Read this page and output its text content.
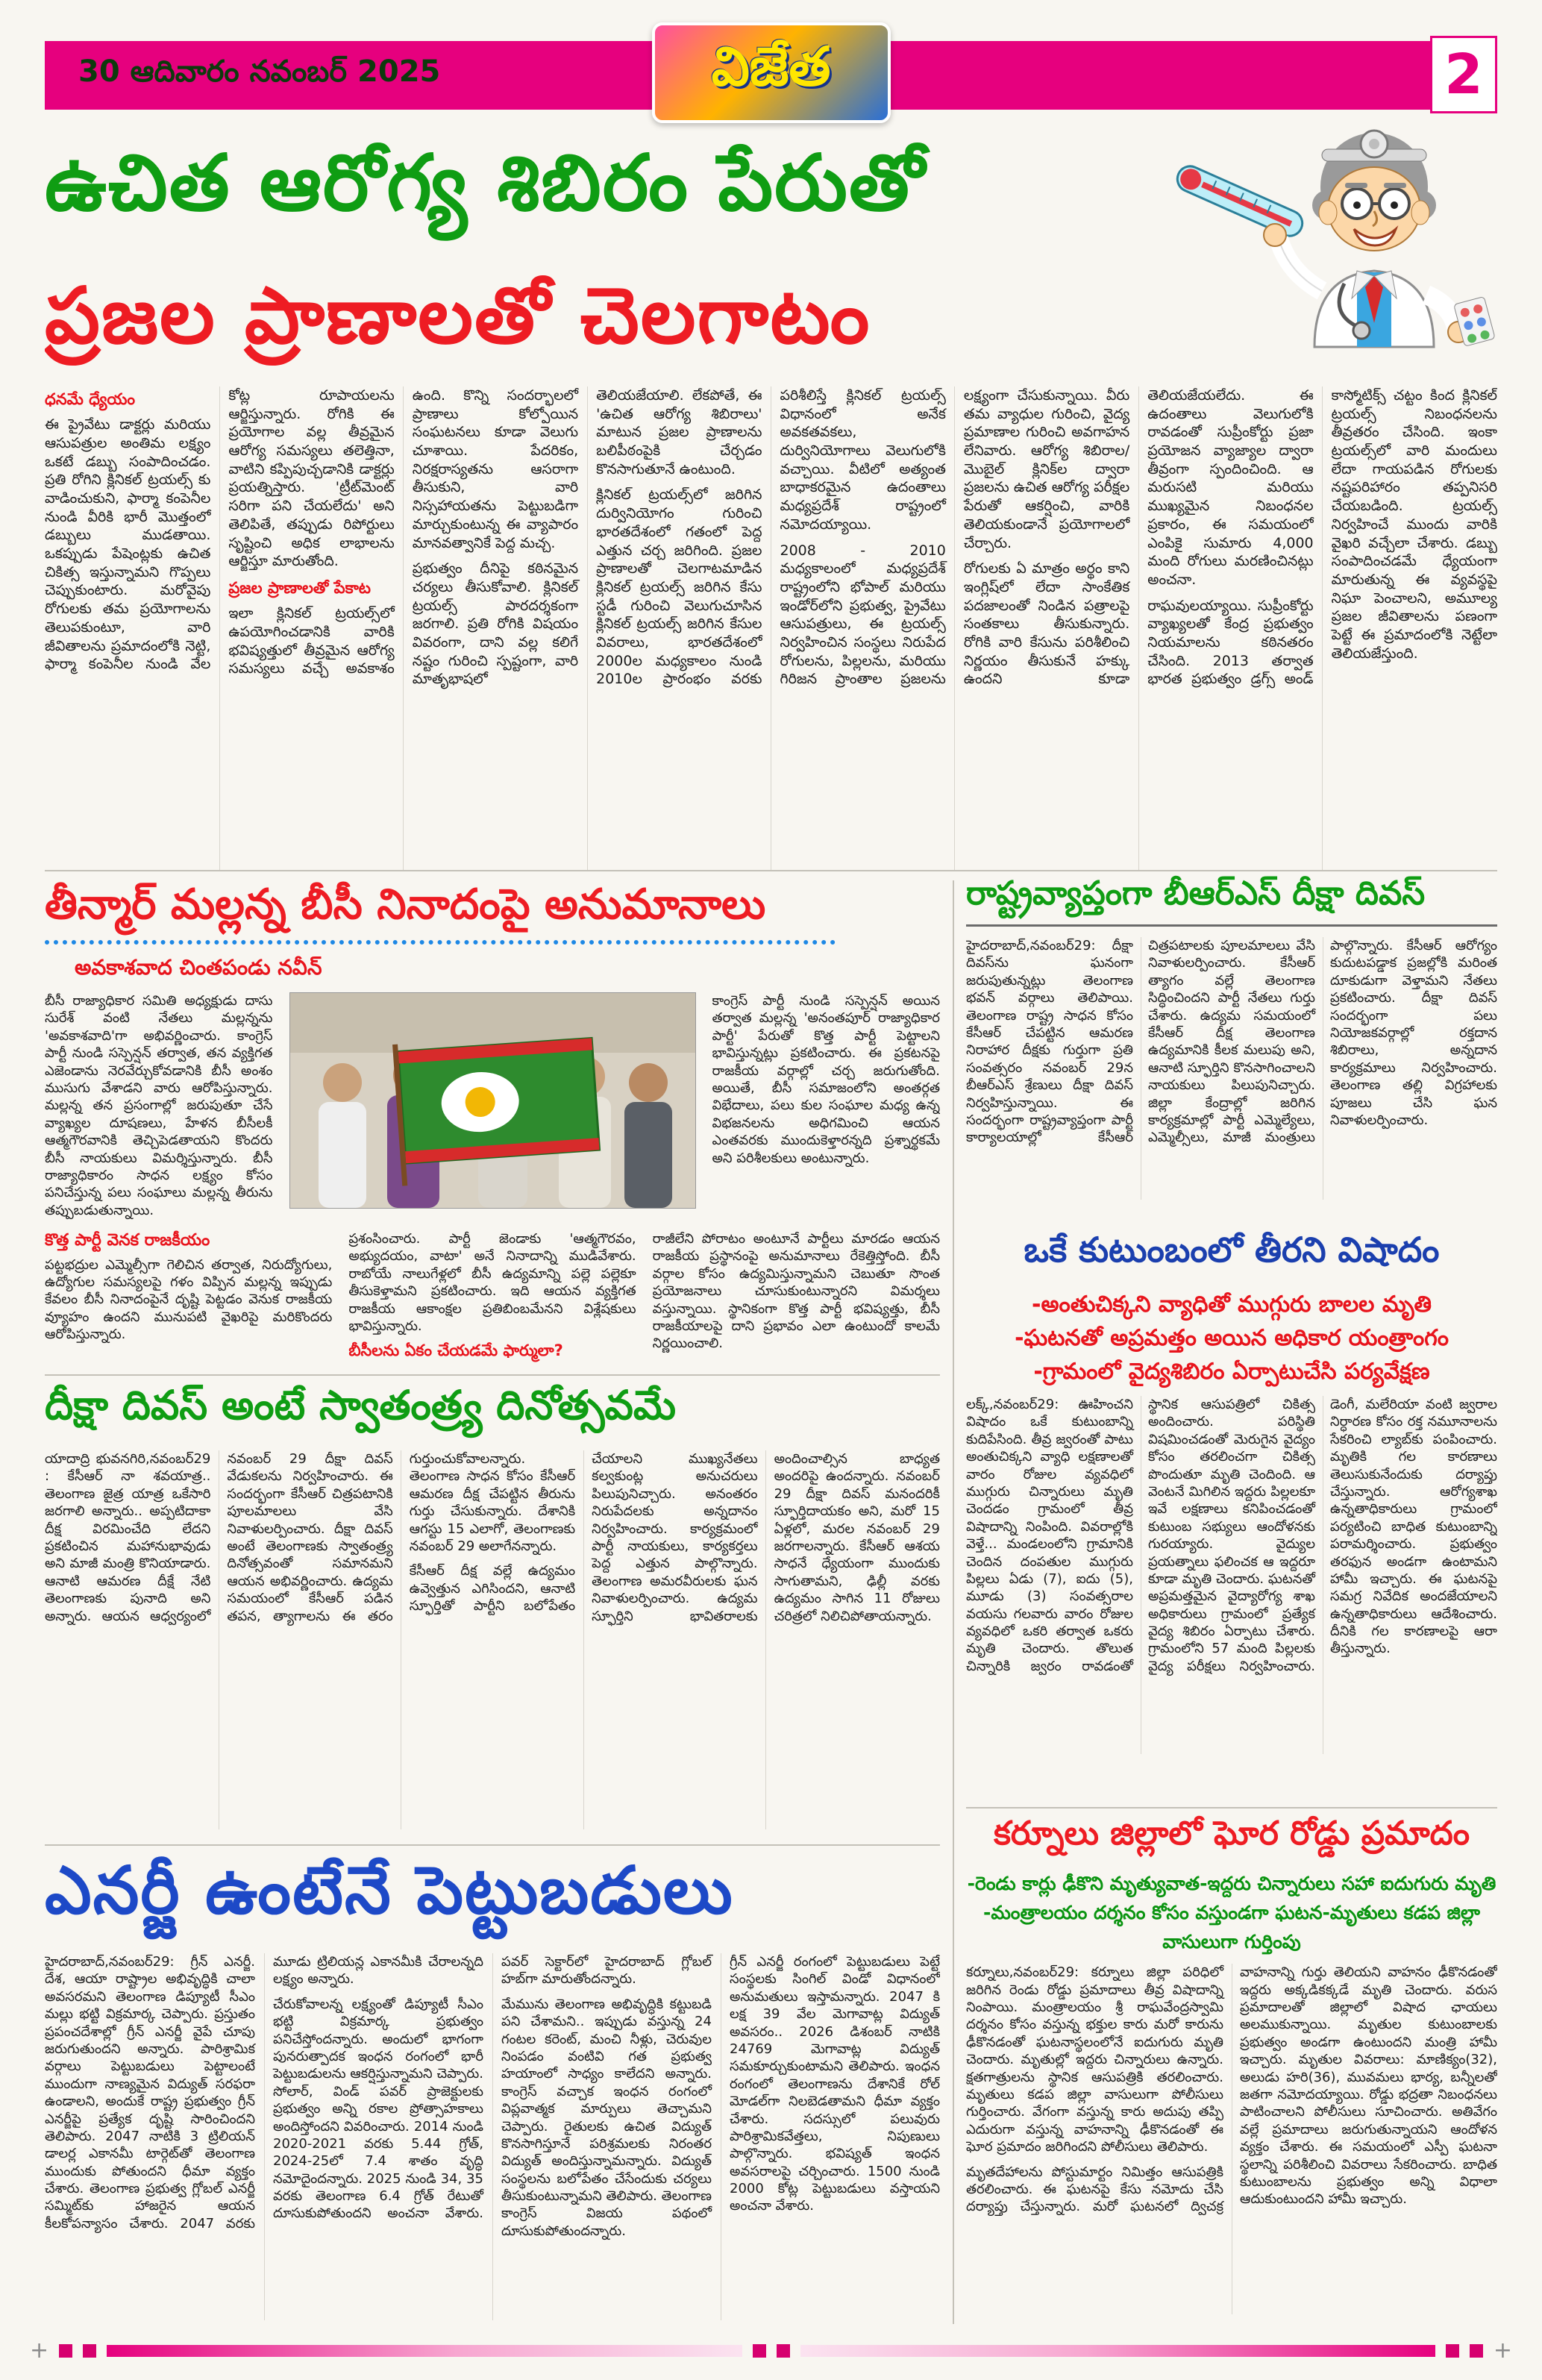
30 ఆదివారం నవంబర్ 2025	విజేత	2
ఉచిత ఆరోగ్య శిబిరం పేరుతో
ప్రజల ప్రాణాలతో చెలగాటం
ధనమే ధ్యేయం

ఈ ప్రైవేటు డాక్టర్లు మరియు ఆసుపత్రుల అంతిమ లక్ష్యం ఒకటే డబ్బు సంపాదించడం. ప్రతి రోగిని క్లినికల్ ట్రయల్స్ కు వాడించుకుని, ఫార్మా కంపెనీల నుండి వీరికి భారీ మొత్తంలో డబ్బులు ముడతాయి. ఒకప్పుడు పేషెంట్లకు ఉచిత చికిత్స ఇస్తున్నామని గొప్పలు చెప్పుకుంటారు. మరోవైపు రోగులకు తమ ప్రయోగాలను తెలుపకుంటూ, వారి జీవితాలను ప్రమాదంలోకి నెట్టి, ఫార్మా కంపెనీల నుండి వేల కోట్ల రూపాయలను ఆర్జిస్తున్నారు. రోగికి ఈ ప్రయోగాల వల్ల తీవ్రమైన ఆరోగ్య సమస్యలు తలెత్తినా, వాటిని కప్పిపుచ్చడానికి డాక్టర్లు ప్రయత్నిస్తారు. 'ట్రీట్‌మెంట్ సరిగా పని చేయలేదు' అని తెలిపితే, తప్పుడు రిపోర్టులు సృష్టించి అధిక లాభాలను ఆర్జిస్తూ మారుతోంది.

ప్రజల ప్రాణాలతో పేకాట

ఇలా క్లినికల్ ట్రయల్స్‌లో ఉపయోగించడానికి వారికి భవిష్యత్తులో తీవ్రమైన ఆరోగ్య సమస్యలు వచ్చే అవకాశం ఉంది. కొన్ని సందర్భాలలో ప్రాణాలు కోల్పోయిన సంఘటనలు కూడా వెలుగు చూశాయి. పేదరికం, నిరక్షరాస్యతను ఆసరాగా తీసుకుని, వారి నిస్సహాయతను పెట్టుబడిగా మార్చుకుంటున్న ఈ వ్యాపారం మానవత్వానికే పెద్ద మచ్చ.

ప్రభుత్వం దీనిపై కఠినమైన చర్యలు తీసుకోవాలి. క్లినికల్ ట్రయల్స్ పారదర్శకంగా జరగాలి. ప్రతి రోగికి విషయం వివరంగా, దాని వల్ల కలిగే నష్టం గురించి స్పష్టంగా, వారి మాతృభాషలో తెలియజేయాలి. లేకపోతే, ఈ 'ఉచిత ఆరోగ్య శిబిరాలు' మాటున ప్రజల ప్రాణాలను బలిపీఠంపైకి చేర్చడం కొనసాగుతూనే ఉంటుంది.

క్లినికల్ ట్రయల్స్‌లో జరిగిన దుర్వినియోగం గురించి భారతదేశంలో గతంలో పెద్ద ఎత్తున చర్చ జరిగింది. ప్రజల ప్రాణాలతో చెలగాటమాడిన క్లినికల్ ట్రయల్స్ జరిగిన కేసు స్టడీ గురించి వెలుగుచూసిన క్లినికల్ ట్రయల్స్ జరిగిన కేసుల వివరాలు, భారతదేశంలో 2000ల మధ్యకాలం నుండి 2010ల ప్రారంభం వరకు పరిశీలిస్తే క్లినికల్ ట్రయల్స్ విధానంలో అనేక అవకతవకలు, దుర్వినియోగాలు వెలుగులోకి వచ్చాయి. వీటిలో అత్యంత బాధాకరమైన ఉదంతాలు మధ్యప్రదేశ్ రాష్ట్రంలో నమోదయ్యాయి.

2008 - 2010 మధ్యకాలంలో మధ్యప్రదేశ్ రాష్ట్రంలోని భోపాల్ మరియు ఇండోర్‌లోని ప్రభుత్వ, ప్రైవేటు ఆసుపత్రులు, ఈ ట్రయల్స్ నిర్వహించిన సంస్థలు నిరుపేద రోగులను, పిల్లలను, మరియు గిరిజన ప్రాంతాల ప్రజలను లక్ష్యంగా చేసుకున్నాయి. వీరు తమ వ్యాధుల గురించి, వైద్య ప్రమాణాల గురించి అవగాహన లేనివారు. ఆరోగ్య శిబిరాల/మొబైల్ క్లినిక్‌ల ద్వారా ప్రజలను ఉచిత ఆరోగ్య పరీక్షల పేరుతో ఆకర్షించి, వారికి తెలియకుండానే ప్రయోగాలలో చేర్చారు.

రోగులకు ఏ మాత్రం అర్థం కాని ఇంగ్లిష్‌లో లేదా సాంకేతిక పదజాలంతో నిండిన పత్రాలపై సంతకాలు తీసుకున్నారు. రోగికి వారి కేసును పరిశీలించి నిర్ణయం తీసుకునే హక్కు ఉందని కూడా తెలియజేయలేదు. ఈ ఉదంతాలు వెలుగులోకి రావడంతో సుప్రీంకోర్టు ప్రజా ప్రయోజన వ్యాజ్యాల ద్వారా తీవ్రంగా స్పందించింది. ఆ మరుసటి మరియు ముఖ్యమైన నిబంధనల ప్రకారం, ఈ సమయంలో ఎంపికై సుమారు 4,000 మంది రోగులు మరణించినట్లు అంచనా.

రాఘవులయ్యాయి. సుప్రీంకోర్టు వ్యాఖ్యలతో కేంద్ర ప్రభుత్వం నియమాలను కఠినతరం చేసింది. 2013 తర్వాత భారత ప్రభుత్వం డ్రగ్స్ అండ్ కాస్మోటిక్స్ చట్టం కింద క్లినికల్ ట్రయల్స్ నిబంధనలను తీవ్రతరం చేసింది. ఇంకా ట్రయల్స్‌లో వారి మందులు లేదా గాయపడిన రోగులకు నష్టపరిహారం తప్పనిసరి చేయబడింది. ట్రయల్స్ నిర్వహించే ముందు వారికి వైఖరి వచ్చేలా చేశారు. డబ్బు సంపాదించడమే ధ్యేయంగా మారుతున్న ఈ వ్యవస్థపై నిఘా పెంచాలని, అమూల్య ప్రజల జీవితాలను పణంగా పెట్టే ఈ ప్రమాదంలోకి నెట్టేలా తెలియజేస్తుంది.

తీన్మార్ మల్లన్న బీసీ నినాదంపై అనుమానాలు
అవకాశవాద చింతపండు నవీన్
బీసీ రాజ్యాధికార సమితి అధ్యక్షుడు దాసు సురేశ్ వంటి నేతలు మల్లన్నను 'అవకాశవాది'గా అభివర్ణించారు. కాంగ్రెస్ పార్టీ నుండి సస్పెన్షన్ తర్వాత, తన వ్యక్తిగత ఎజెండాను నెరవేర్చుకోవడానికి బీసీ అంశం ముసుగు వేశాడని వారు ఆరోపిస్తున్నారు. మల్లన్న తన ప్రసంగాల్లో జరుపుతూ చేసే వ్యాఖ్యల దూషణలు, హేళన బీసీలకీ ఆత్మగౌరవానికి తెచ్చిపెడతాయని కొందరు బీసీ నాయకులు విమర్శిస్తున్నారు. బీసీ రాజ్యాధికారం సాధన లక్ష్యం కోసం పనిచేస్తున్న పలు సంఘాలు మల్లన్న తీరును తప్పుబడుతున్నాయి.
కాంగ్రెస్ పార్టీ నుండి సస్పెన్షన్ అయిన తర్వాత మల్లన్న 'అనంతపూర్ రాజ్యాధికార పార్టీ' పేరుతో కొత్త పార్టీ పెట్టాలని భావిస్తున్నట్లు ప్రకటించారు. ఈ ప్రకటనపై రాజకీయ వర్గాల్లో చర్చ జరుగుతోంది. అయితే, బీసీ సమాజంలోని అంతర్గత విభేదాలు, పలు కుల సంఘాల మధ్య ఉన్న విభజనలను అధిగమించి ఆయన ఎంతవరకు ముందుకెళ్తారన్నది ప్రశ్నార్థకమే అని పరిశీలకులు అంటున్నారు.
కొత్త పార్టీ వెనక రాజకీయం
పట్టభద్రుల ఎమ్మెల్సీగా గెలిచిన తర్వాత, నిరుద్యోగులు, ఉద్యోగుల సమస్యలపై గళం విప్పిన మల్లన్న ఇప్పుడు కేవలం బీసీ నినాదంపైనే దృష్టి పెట్టడం వెనుక రాజకీయ వ్యూహం ఉందని మునుపటి వైఖరిపై మరికొందరు ఆరోపిస్తున్నారు.
ప్రశంసించారు. పార్టీ జెండాకు 'ఆత్మగౌరవం, అభ్యుదయం, వాటా' అనే నినాదాన్ని ముడివేశారు. రాబోయే నాలుగేళ్లలో బీసీ ఉద్యమాన్ని పల్లె పల్లెకూ తీసుకెళ్తామని ప్రకటించారు. ఇది ఆయన వ్యక్తిగత రాజకీయ ఆకాంక్షల ప్రతిబింబమేనని విశ్లేషకులు భావిస్తున్నారు.
బీసీలను ఏకం చేయడమే ఫార్ములా?
రాజీలేని పోరాటం అంటూనే పార్టీలు మారడం ఆయన రాజకీయ ప్రస్థానంపై అనుమానాలు రేకెత్తిస్తోంది. బీసీ వర్గాల కోసం ఉద్యమిస్తున్నామని చెబుతూ సొంత ప్రయోజనాలు చూసుకుంటున్నారని విమర్శలు వస్తున్నాయి. స్థానికంగా కొత్త పార్టీ భవిష్యత్తు, బీసీ రాజకీయాలపై దాని ప్రభావం ఎలా ఉంటుందో కాలమే నిర్ణయించాలి.
రాష్ట్రవ్యాప్తంగా బీఆర్ఎస్ దీక్షా దివస్
హైదరాబాద్,నవంబర్29: దీక్షా దివస్‌ను ఘనంగా జరుపుతున్నట్లు తెలంగాణ భవన్ వర్గాలు తెలిపాయి. తెలంగాణ రాష్ట్ర సాధన కోసం కేసీఆర్ చేపట్టిన ఆమరణ నిరాహార దీక్షకు గుర్తుగా ప్రతి సంవత్సరం నవంబర్ 29న బీఆర్ఎస్ శ్రేణులు దీక్షా దివస్ నిర్వహిస్తున్నాయి. ఈ సందర్భంగా రాష్ట్రవ్యాప్తంగా పార్టీ కార్యాలయాల్లో కేసీఆర్ చిత్రపటాలకు పూలమాలలు వేసి నివాళులర్పించారు. కేసీఆర్ త్యాగం వల్లే తెలంగాణ సిద్ధించిందని పార్టీ నేతలు గుర్తు చేశారు. ఉద్యమ సమయంలో కేసీఆర్ దీక్ష తెలంగాణ ఉద్యమానికి కీలక మలుపు అని, ఆనాటి స్ఫూర్తిని కొనసాగించాలని నాయకులు పిలుపునిచ్చారు. జిల్లా కేంద్రాల్లో జరిగిన కార్యక్రమాల్లో పార్టీ ఎమ్మెల్యేలు, ఎమ్మెల్సీలు, మాజీ మంత్రులు పాల్గొన్నారు. కేసీఆర్ ఆరోగ్యం కుదుటపడ్డాక ప్రజల్లోకి మరింత దూకుడుగా వెళ్తామని నేతలు ప్రకటించారు. దీక్షా దివస్ సందర్భంగా పలు నియోజకవర్గాల్లో రక్తదాన శిబిరాలు, అన్నదాన కార్యక్రమాలు నిర్వహించారు. తెలంగాణ తల్లి విగ్రహాలకు పూజలు చేసి ఘన నివాళులర్పించారు.
ఒకే కుటుంబంలో తీరని విషాదం
-అంతుచిక్కని వ్యాధితో ముగ్గురు బాలల మృతి
-ఘటనతో అప్రమత్తం అయిన అధికార యంత్రాంగం
-గ్రామంలో వైద్యశిబిరం ఏర్పాటుచేసి పర్యవేక్షణ
లక్క్,నవంబర్29: ఊహించని విషాదం ఒకే కుటుంబాన్ని కుదిపేసింది. తీవ్ర జ్వరంతో పాటు అంతుచిక్కని వ్యాధి లక్షణాలతో వారం రోజుల వ్యవధిలో ముగ్గురు చిన్నారులు మృతి చెందడం గ్రామంలో తీవ్ర విషాదాన్ని నింపింది. వివరాల్లోకి వెళ్తే... మండలంలోని గ్రామానికి చెందిన దంపతుల ముగ్గురు పిల్లలు ఏడు (7), ఐదు (5), మూడు (3) సంవత్సరాల వయసు గలవారు వారం రోజుల వ్యవధిలో ఒకరి తర్వాత ఒకరు మృతి చెందారు. తొలుత చిన్నారికి జ్వరం రావడంతో స్థానిక ఆసుపత్రిలో చికిత్స అందించారు. పరిస్థితి విషమించడంతో మెరుగైన వైద్యం కోసం తరలించగా చికిత్స పొందుతూ మృతి చెందింది. ఆ వెంటనే మిగిలిన ఇద్దరు పిల్లలకూ ఇవే లక్షణాలు కనిపించడంతో కుటుంబ సభ్యులు ఆందోళనకు గురయ్యారు. వైద్యుల ప్రయత్నాలు ఫలించక ఆ ఇద్దరూ కూడా మృతి చెందారు. ఘటనతో అప్రమత్తమైన వైద్యారోగ్య శాఖ అధికారులు గ్రామంలో ప్రత్యేక వైద్య శిబిరం ఏర్పాటు చేశారు. గ్రామంలోని 57 మంది పిల్లలకు వైద్య పరీక్షలు నిర్వహించారు. డెంగీ, మలేరియా వంటి జ్వరాల నిర్ధారణ కోసం రక్త నమూనాలను సేకరించి ల్యాబ్‌కు పంపించారు. మృతికి గల కారణాలు తెలుసుకునేందుకు దర్యాప్తు చేస్తున్నారు. ఆరోగ్యశాఖ ఉన్నతాధికారులు గ్రామంలో పర్యటించి బాధిత కుటుంబాన్ని పరామర్శించారు. ప్రభుత్వం తరఫున అండగా ఉంటామని హామీ ఇచ్చారు. ఈ ఘటనపై సమగ్ర నివేదిక అందజేయాలని ఉన్నతాధికారులు ఆదేశించారు. దీనికి గల కారణాలపై ఆరా తీస్తున్నారు.
దీక్షా దివస్ అంటే స్వాతంత్ర్య దినోత్సవమే

యాదాద్రి భువనగిరి,నవంబర్29 : కేసీఆర్ నా శవయాత్ర.. తెలంగాణ జైత్ర యాత్ర ఒకేసారి జరగాలి అన్నారు.. అప్పటిదాకా దీక్ష విరమించేది లేదని ప్రకటించిన మహానుభావుడు అని మాజీ మంత్రి కొనియాడారు. ఆనాటి ఆమరణ దీక్షే నేటి తెలంగాణకు పునాది అని అన్నారు. ఆయన ఆధ్వర్యంలో నవంబర్ 29 దీక్షా దివస్ వేడుకలను నిర్వహించారు. ఈ సందర్భంగా కేసీఆర్ చిత్రపటానికి పూలమాలలు వేసి నివాళులర్పించారు. దీక్షా దివస్ అంటే తెలంగాణకు స్వాతంత్ర్య దినోత్సవంతో సమానమని ఆయన అభివర్ణించారు. ఉద్యమ సమయంలో కేసీఆర్ పడిన తపన, త్యాగాలను ఈ తరం గుర్తుంచుకోవాలన్నారు. తెలంగాణ సాధన కోసం కేసీఆర్ ఆమరణ దీక్ష చేపట్టిన తీరును గుర్తు చేసుకున్నారు. దేశానికి ఆగస్టు 15 ఎలాగో, తెలంగాణకు నవంబర్ 29 అలాగేనన్నారు.

కేసీఆర్ దీక్ష వల్లే ఉద్యమం ఉవ్వెత్తున ఎగిసిందని, ఆనాటి స్ఫూర్తితో పార్టీని బలోపేతం చేయాలని ముఖ్యనేతలు కల్వకుంట్ల అనుచరులు పిలుపునిచ్చారు. అనంతరం నిరుపేదలకు అన్నదానం నిర్వహించారు. కార్యక్రమంలో పార్టీ నాయకులు, కార్యకర్తలు పెద్ద ఎత్తున పాల్గొన్నారు. తెలంగాణ అమరవీరులకు ఘన నివాళులర్పించారు. ఉద్యమ స్ఫూర్తిని భావితరాలకు అందించాల్సిన బాధ్యత అందరిపై ఉందన్నారు. నవంబర్ 29 దీక్షా దివస్ మనందరికీ స్ఫూర్తిదాయకం అని, మరో 15 ఏళ్లలో, మరల నవంబర్ 29 జరగాలన్నారు. కేసీఆర్ ఆశయ సాధనే ధ్యేయంగా ముందుకు సాగుతామని, ఢిల్లీ వరకు ఉద్యమం సాగిన 11 రోజులు చరిత్రలో నిలిచిపోతాయన్నారు.

ఎనర్జీ ఉంటేనే పెట్టుబడులు

హైదరాబాద్,నవంబర్29: గ్రీన్ ఎనర్జీ. దేశ, ఆయా రాష్ట్రాల అభివృద్ధికి చాలా అవసరమని తెలంగాణ డిప్యూటీ సీఎం మల్లు భట్టి విక్రమార్క చెప్పారు. ప్రస్తుతం ప్రపంచదేశాల్లో గ్రీన్ ఎనర్జీ వైపే చూపు జరుగుతుందని అన్నారు. పారిశ్రామిక వర్గాలు పెట్టుబడులు పెట్టాలంటే ముందుగా నాణ్యమైన విద్యుత్ సరఫరా ఉండాలని, అందుకే రాష్ట్ర ప్రభుత్వం గ్రీన్ ఎనర్జీపై ప్రత్యేక దృష్టి సారించిందని తెలిపారు. 2047 నాటికి 3 ట్రిలియన్ డాలర్ల ఎకానమీ టార్గెట్‌తో తెలంగాణ ముందుకు పోతుందని ధీమా వ్యక్తం చేశారు. తెలంగాణ ప్రభుత్వ గ్లోబల్ ఎనర్జీ సమ్మిట్‌కు హాజరైన ఆయన కీలకోపన్యాసం చేశారు. 2047 వరకు మూడు ట్రిలియన్ల ఎకానమీకి చేరాలన్నది లక్ష్యం అన్నారు.

చేరుకోవాలన్న లక్ష్యంతో డిప్యూటీ సీఎం భట్టి విక్రమార్క ప్రభుత్వం పనిచేస్తోందన్నారు. అందులో భాగంగా పునరుత్పాదక ఇంధన రంగంలో భారీ పెట్టుబడులను ఆకర్షిస్తున్నామని చెప్పారు. సోలార్, విండ్ పవర్ ప్రాజెక్టులకు ప్రభుత్వం అన్ని రకాల ప్రోత్సాహకాలు అందిస్తోందని వివరించారు. 2014 నుండి 2020-2021 వరకు 5.44 గ్రోత్, 2024-25లో 7.4 శాతం వృద్ధి నమోదైందన్నారు. 2025 నుండి 34, 35 వరకు తెలంగాణ 6.4 గ్రోత్ రేటుతో దూసుకుపోతుందని అంచనా వేశారు. పవర్ సెక్టార్‌లో హైదరాబాద్ గ్లోబల్ హబ్‌గా మారుతోందన్నారు.

మేమును తెలంగాణ అభివృద్ధికి కట్టుబడి పని చేశామని.. ఇప్పుడు వస్తున్న 24 గంటల కరెంట్, మంచి నీళ్లు, చెరువుల నింపడం వంటివి గత ప్రభుత్వ హయాంలో సాధ్యం కాలేదని అన్నారు. కాంగ్రెస్ వచ్చాక ఇంధన రంగంలో విప్లవాత్మక మార్పులు తెచ్చామని చెప్పారు. రైతులకు ఉచిత విద్యుత్ కొనసాగిస్తూనే పరిశ్రమలకు నిరంతర విద్యుత్ అందిస్తున్నామన్నారు. విద్యుత్ సంస్థలను బలోపేతం చేసేందుకు చర్యలు తీసుకుంటున్నామని తెలిపారు. తెలంగాణ కాంగ్రెస్ విజయ పథంలో దూసుకుపోతుందన్నారు.

గ్రీన్ ఎనర్జీ రంగంలో పెట్టుబడులు పెట్టే సంస్థలకు సింగిల్ విండో విధానంలో అనుమతులు ఇస్తామన్నారు. 2047 కి లక్ష 39 వేల మెగావాట్ల విద్యుత్ అవసరం.. 2026 డిశంబర్ నాటికి 24769 మెగావాట్ల విద్యుత్ సమకూర్చుకుంటామని తెలిపారు. ఇంధన రంగంలో తెలంగాణను దేశానికే రోల్ మోడల్‌గా నిలబెడతామని ధీమా వ్యక్తం చేశారు. సదస్సులో పలువురు పారిశ్రామికవేత్తలు, నిపుణులు పాల్గొన్నారు. భవిష్యత్ ఇంధన అవసరాలపై చర్చించారు. 1500 నుండి 2000 కోట్ల పెట్టుబడులు వస్తాయని అంచనా వేశారు.

కర్నూలు జిల్లాలో ఘోర రోడ్డు ప్రమాదం
-రెండు కార్లు ఢీకొని మృత్యువాత-ఇద్దరు చిన్నారులు సహా ఐదుగురు మృతి
-మంత్రాలయం దర్శనం కోసం వస్తుండగా ఘటన-మృతులు కడప జిల్లా వాసులుగా గుర్తింపు

కర్నూలు,నవంబర్29: కర్నూలు జిల్లా పరిధిలో జరిగిన రెండు రోడ్డు ప్రమాదాలు తీవ్ర విషాదాన్ని నింపాయి. మంత్రాలయం శ్రీ రాఘవేంద్రస్వామి దర్శనం కోసం వస్తున్న భక్తుల కారు మరో కారును ఢీకొనడంతో ఘటనాస్థలంలోనే ఐదుగురు మృతి చెందారు. మృతుల్లో ఇద్దరు చిన్నారులు ఉన్నారు. క్షతగాత్రులను స్థానిక ఆసుపత్రికి తరలించారు. మృతులు కడప జిల్లా వాసులుగా పోలీసులు గుర్తించారు. వేగంగా వస్తున్న కారు అదుపు తప్పి ఎదురుగా వస్తున్న వాహనాన్ని ఢీకొనడంతో ఈ ఘోర ప్రమాదం జరిగిందని పోలీసులు తెలిపారు.

మృతదేహాలను పోస్టుమార్టం నిమిత్తం ఆసుపత్రికి తరలించారు. ఈ ఘటనపై కేసు నమోదు చేసి దర్యాప్తు చేస్తున్నారు. మరో ఘటనలో ద్విచక్ర వాహనాన్ని గుర్తు తెలియని వాహనం ఢీకొనడంతో ఇద్దరు అక్కడికక్కడే మృతి చెందారు. వరుస ప్రమాదాలతో జిల్లాలో విషాద ఛాయలు అలముకున్నాయి. మృతుల కుటుంబాలకు ప్రభుత్వం అండగా ఉంటుందని మంత్రి హామీ ఇచ్చారు. మృతుల వివరాలు: మాణిక్యం(32), అలుడు హరి(36), మువమలు భార్య, బన్నీలతో జతగా నమోదయ్యాయి. రోడ్డు భద్రతా నిబంధనలు పాటించాలని పోలీసులు సూచించారు. అతివేగం వల్లే ప్రమాదాలు జరుగుతున్నాయని ఆందోళన వ్యక్తం చేశారు. ఈ సమయంలో ఎస్పీ ఘటనా స్థలాన్ని పరిశీలించి వివరాలు సేకరించారు. బాధిత కుటుంబాలను ప్రభుత్వం అన్ని విధాలా ఆదుకుంటుందని హామీ ఇచ్చారు.

+	+
